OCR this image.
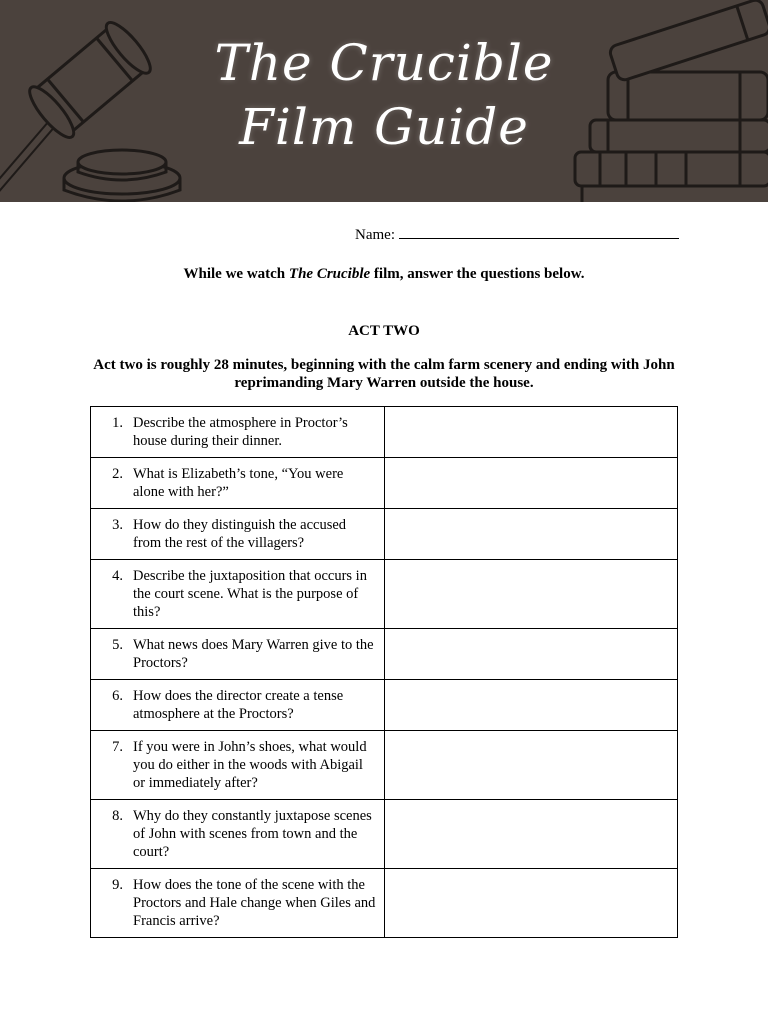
The Crucible
Film Guide
Name:
While we watch The Crucible film, answer the questions below.
ACT TWO
Act two is roughly 28 minutes, beginning with the calm farm scenery and ending with John reprimanding Mary Warren outside the house.
1. Describe the atmosphere in Proctor’s house during their dinner.	

2. What is Elizabeth’s tone, “You were alone with her?”	

3. How do they distinguish the accused from the rest of the villagers?	

4. Describe the juxtaposition that occurs in the court scene. What is the purpose of this?	

5. What news does Mary Warren give to the Proctors?	

6. How does the director create a tense atmosphere at the Proctors?	

7. If you were in John’s shoes, what would you do either in the woods with Abigail or immediately after?	

8. Why do they constantly juxtapose scenes of John with scenes from town and the court?	

9. How does the tone of the scene with the Proctors and Hale change when Giles and Francis arrive?	
